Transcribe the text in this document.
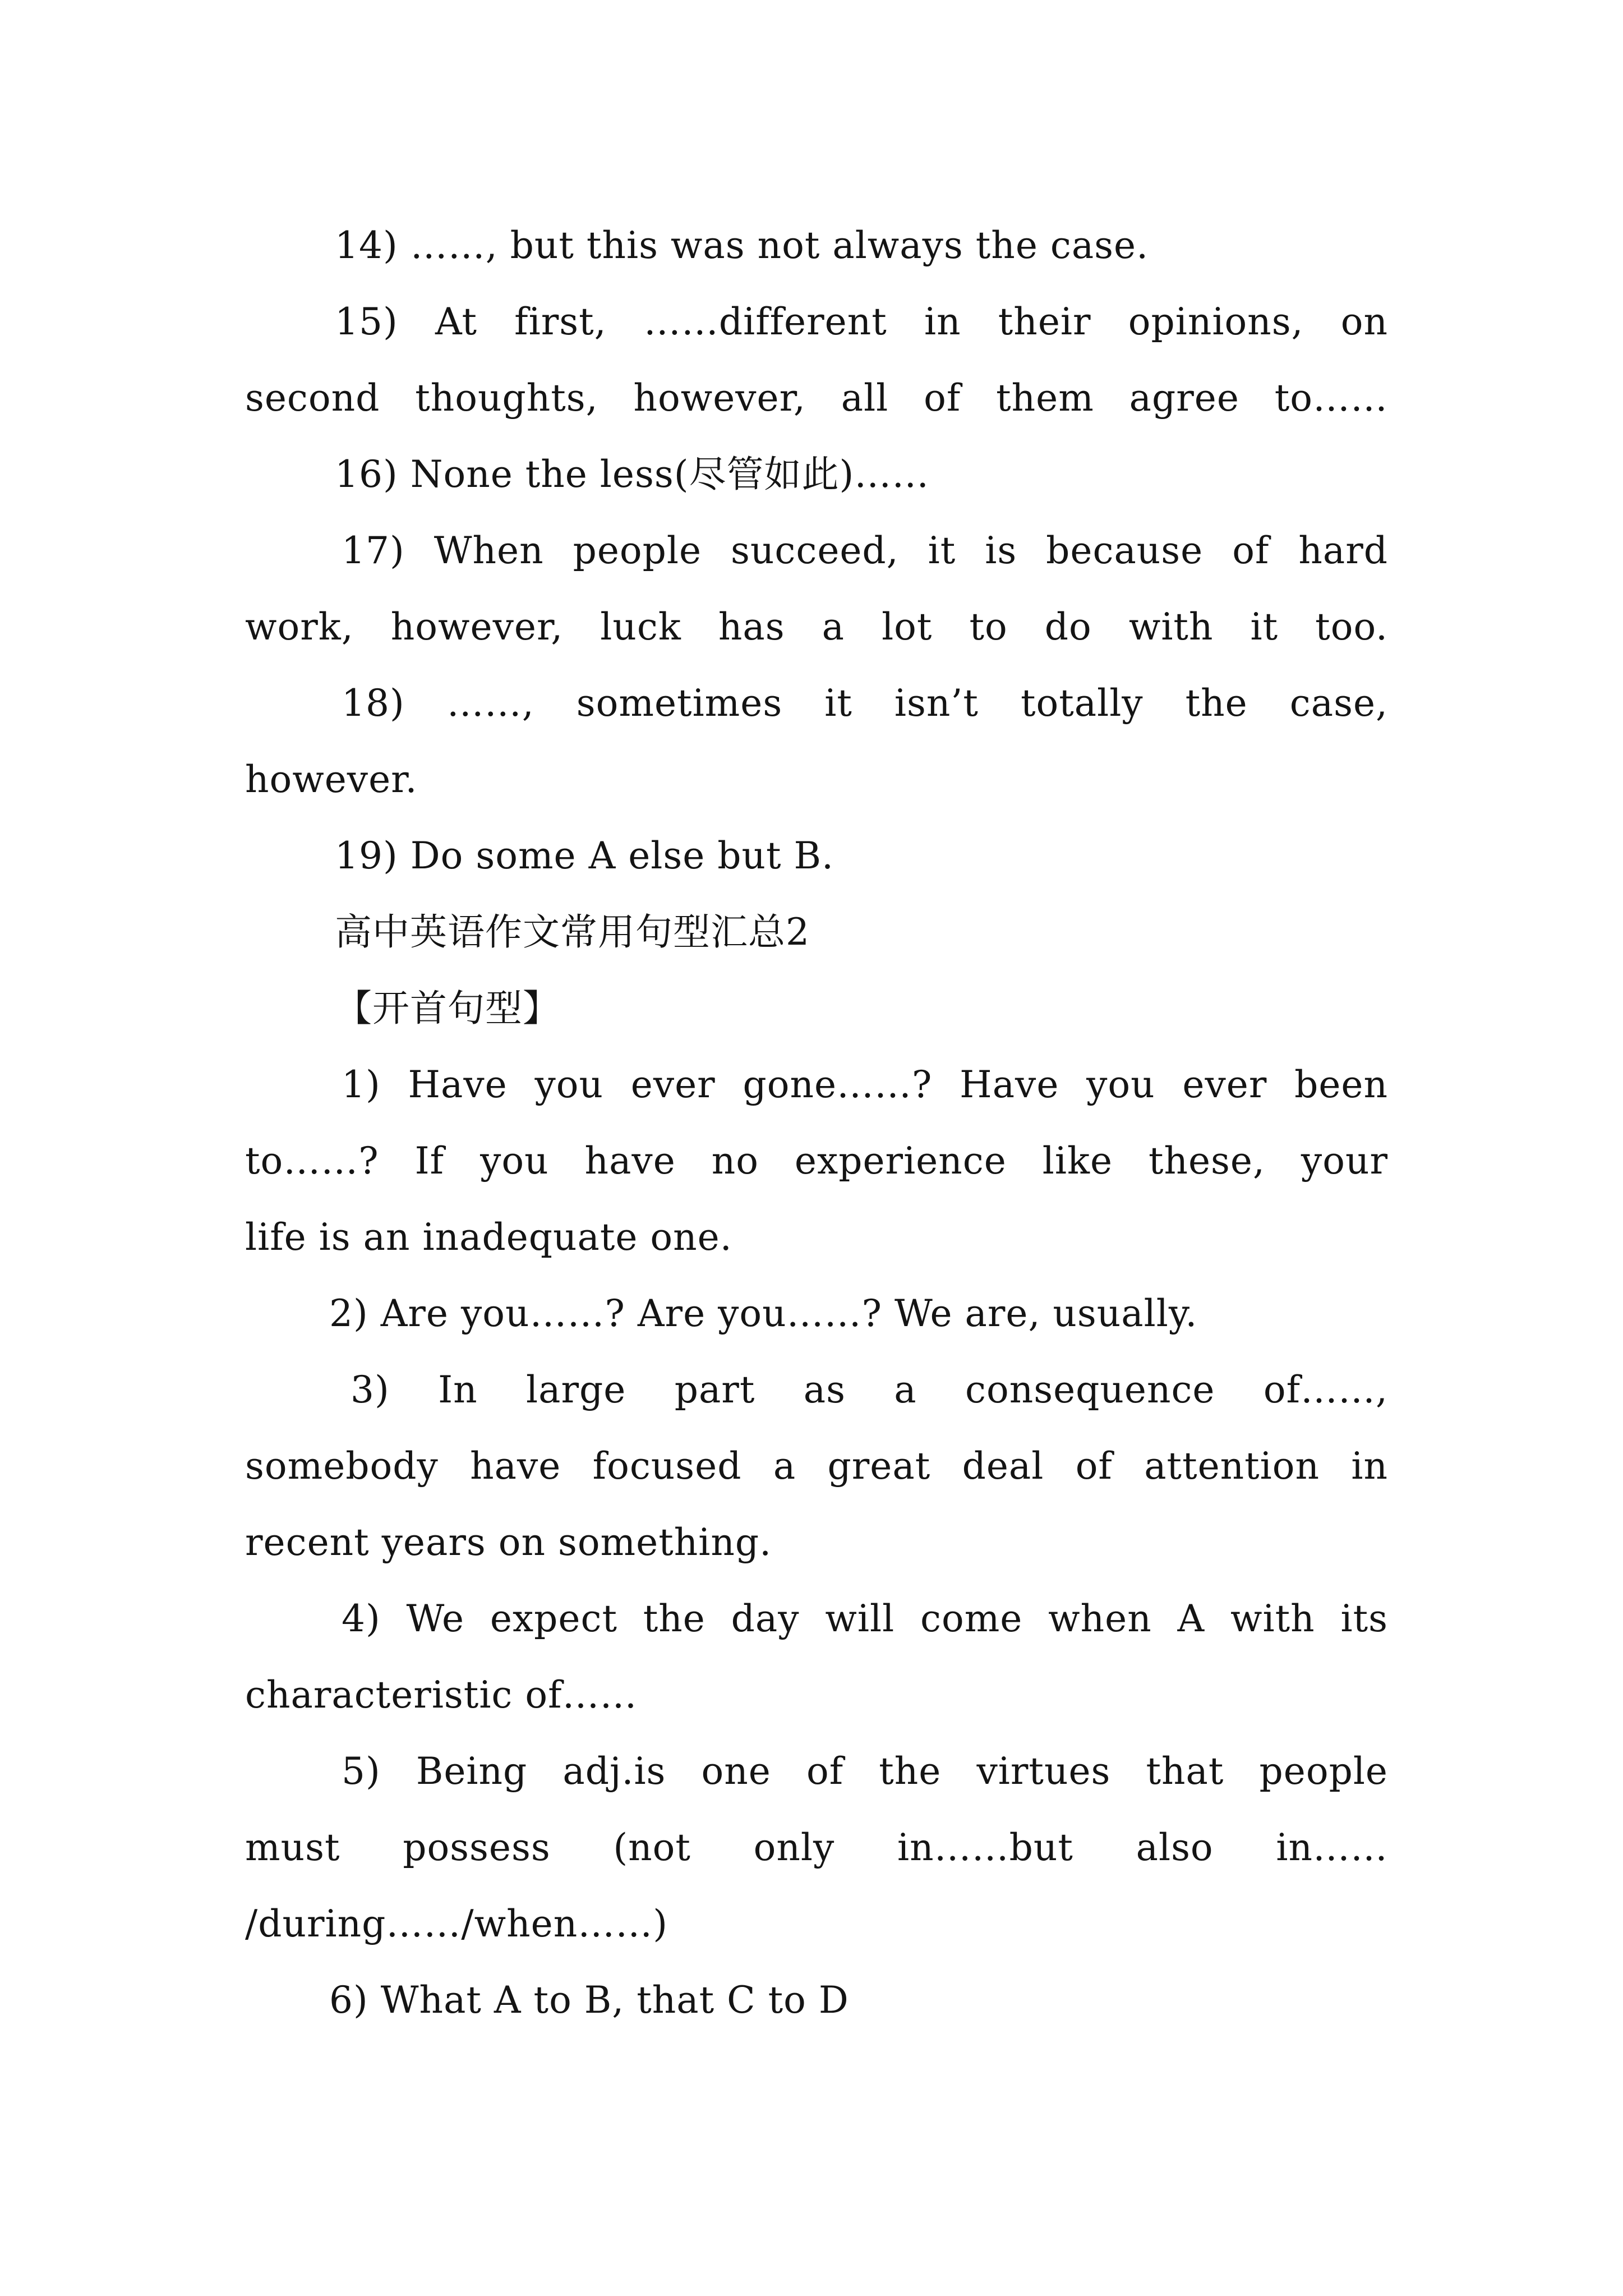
14) ……, but this was not always the case.
15) At first, ……different in their opinions, on
second thoughts, however, all of them agree to……
16) None the less(尽管如此)……
17) When people succeed, it is because of hard
work, however, luck has a lot to do with it too.
18) ……, sometimes it isn’t totally the case,
however.
19) Do some A else but B.
高中英语作文常用句型汇总2
【开首句型】
1) Have you ever gone……? Have you ever been
to……? If you have no experience like these, your
life is an inadequate one.
2) Are you……? Are you……? We are, usually.
3) In large part as a consequence of……,
somebody have focused a great deal of attention in
recent years on something.
4) We expect the day will come when A with its
characteristic of……
5) Being adj.is one of the virtues that people
must possess (not only in……but also in……
/during……/when……)
6) What A to B, that C to D
